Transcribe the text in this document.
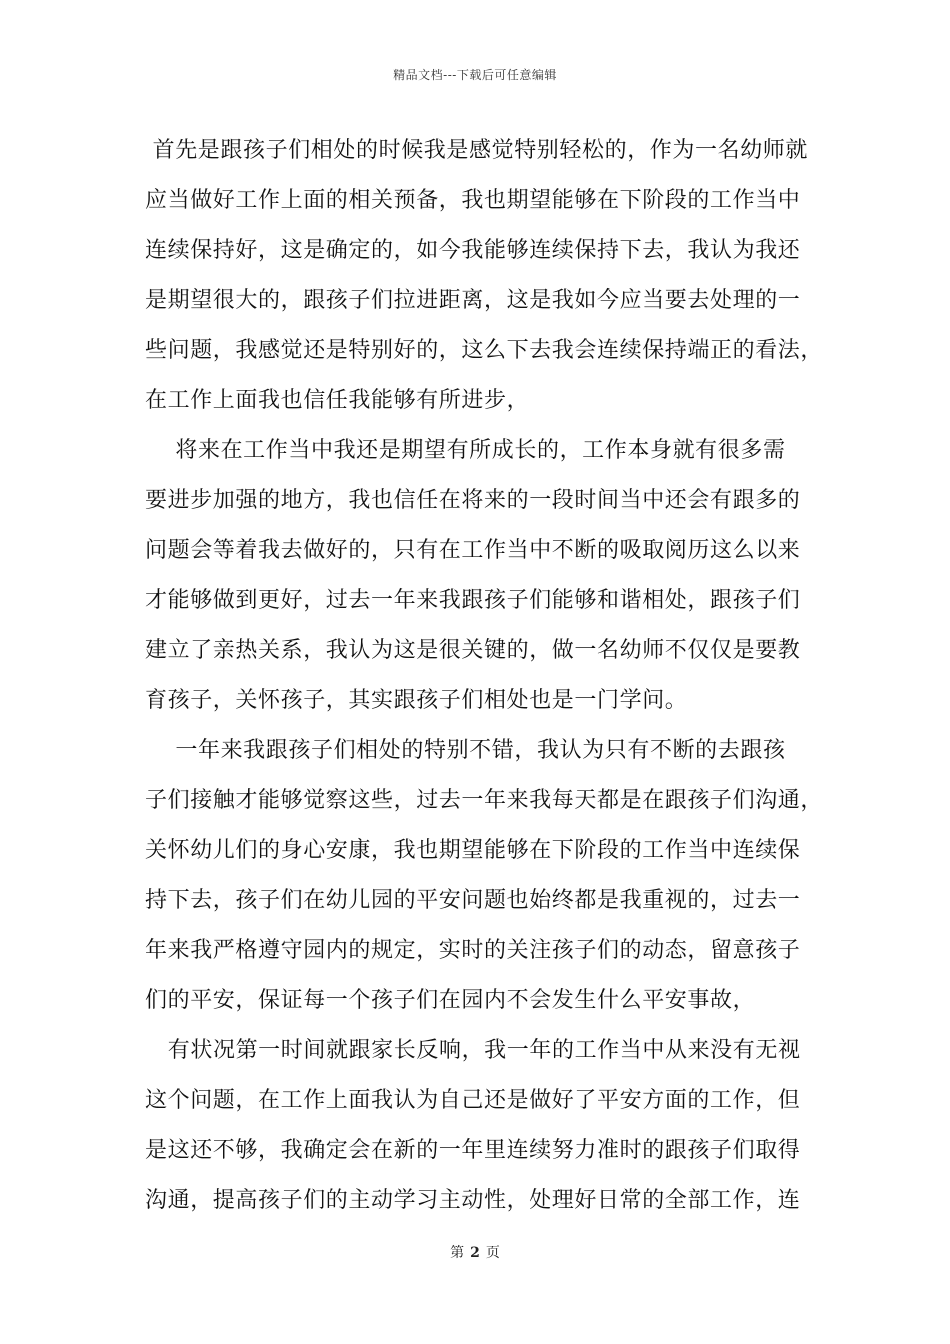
精品文档---下载后可任意编辑
首先是跟孩子们相处的时候我是感觉特别轻松的，作为一名幼师就
应当做好工作上面的相关预备，我也期望能够在下阶段的工作当中
连续保持好，这是确定的，如今我能够连续保持下去，我认为我还
是期望很大的，跟孩子们拉进距离，这是我如今应当要去处理的一
些问题，我感觉还是特别好的，这么下去我会连续保持端正的看法，
在工作上面我也信任我能够有所进步，
将来在工作当中我还是期望有所成长的，工作本身就有很多需
要进步加强的地方，我也信任在将来的一段时间当中还会有跟多的
问题会等着我去做好的，只有在工作当中不断的吸取阅历这么以来
才能够做到更好，过去一年来我跟孩子们能够和谐相处，跟孩子们
建立了亲热关系，我认为这是很关键的，做一名幼师不仅仅是要教
育孩子，关怀孩子，其实跟孩子们相处也是一门学问。
一年来我跟孩子们相处的特别不错，我认为只有不断的去跟孩
子们接触才能够觉察这些，过去一年来我每天都是在跟孩子们沟通，
关怀幼儿们的身心安康，我也期望能够在下阶段的工作当中连续保
持下去，孩子们在幼儿园的平安问题也始终都是我重视的，过去一
年来我严格遵守园内的规定，实时的关注孩子们的动态，留意孩子
们的平安，保证每一个孩子们在园内不会发生什么平安事故，
有状况第一时间就跟家长反响，我一年的工作当中从来没有无视
这个问题，在工作上面我认为自己还是做好了平安方面的工作，但
是这还不够，我确定会在新的一年里连续努力准时的跟孩子们取得
沟通，提高孩子们的主动学习主动性，处理好日常的全部工作，连
第 2 页
